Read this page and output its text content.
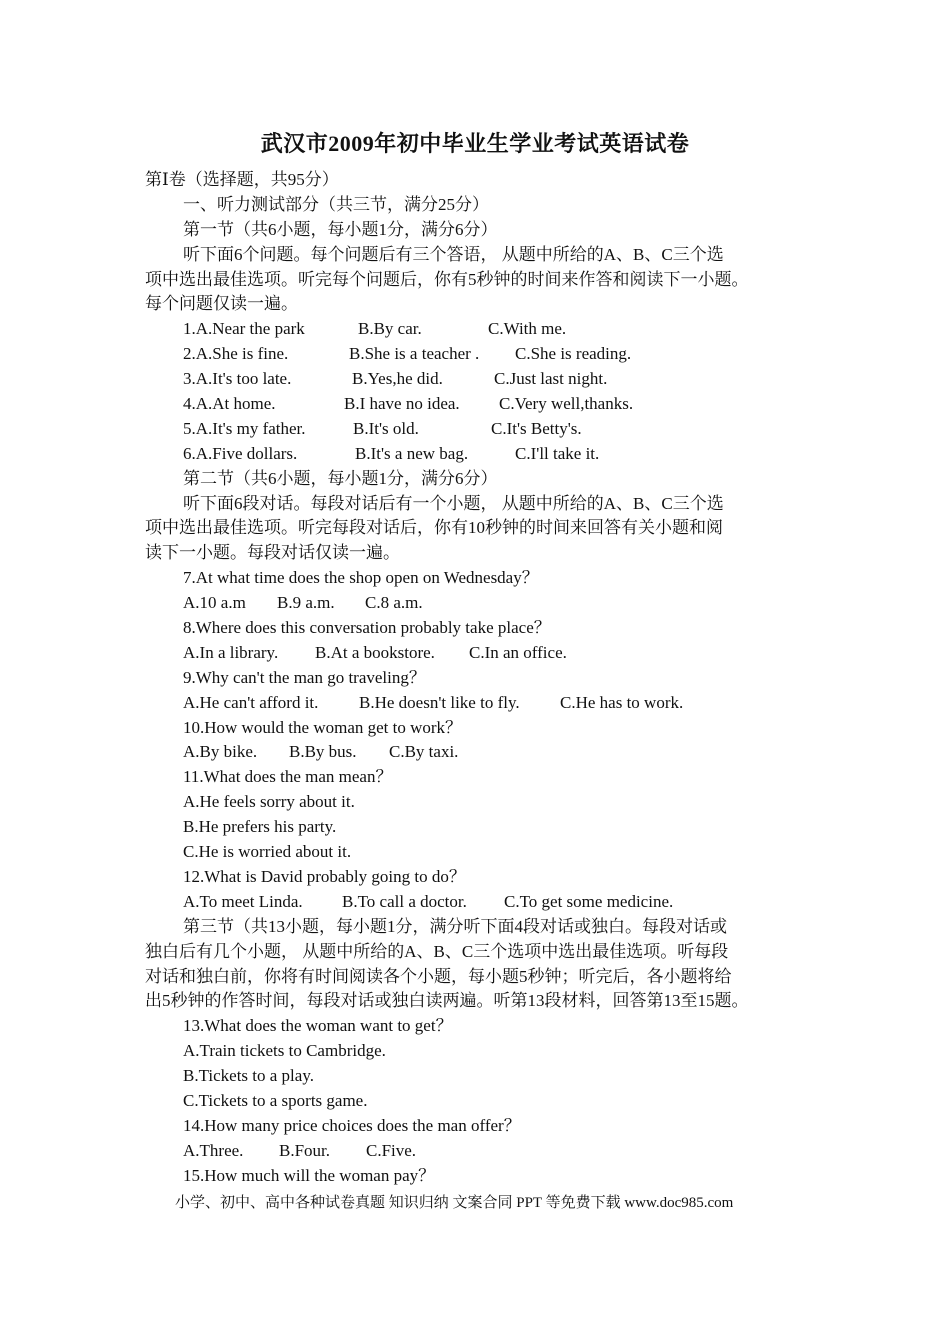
武汉市2009年初中毕业生学业考试英语试卷
第Ⅰ卷（选择题，共95分）
一、听力测试部分（共三节，满分25分）
第一节（共6小题，每小题1分，满分6分）
听下面6个问题。每个问题后有三个答语， 从题中所给的A、B、C三个选
项中选出最佳选项。听完每个问题后，你有5秒钟的时间来作答和阅读下一小题。
每个问题仅读一遍。
1.A.Near the park	B.By car.	C.With me.
2.A.She is fine.	B.She is a teacher . C.She is reading.
3.A.It's too late.	B.Yes,he did.	C.Just last night.
4.A.At home.	B.I have no idea. C.Very well,thanks.
5.A.It's my father.	B.It's old.	C.It's Betty's.
6.A.Five dollars.	B.It's a new bag.	C.I'll take it.
第二节（共6小题，每小题1分，满分6分）
听下面6段对话。每段对话后有一个小题， 从题中所给的A、B、C三个选
项中选出最佳选项。听完每段对话后，你有10秒钟的时间来回答有关小题和阅
读下一小题。每段对话仅读一遍。
7.At what time does the shop open on Wednesday？
A.10 a.m B.9 a.m. C.8 a.m.
8.Where does this conversation probably take place？
A.In a library. B.At a bookstore. C.In an office.
9.Why can't the man go traveling？
A.He can't afford it. B.He doesn't like to fly. C.He has to work.
10.How would the woman get to work？
A.By bike. B.By bus. C.By taxi.
11.What does the man mean？
A.He feels sorry about it.
B.He prefers his party.
C.He is worried about it.
12.What is David probably going to do？
A.To meet Linda. B.To call a doctor. C.To get some medicine.
第三节（共13小题，每小题1分，满分听下面4段对话或独白。每段对话或
独白后有几个小题， 从题中所给的A、B、C三个选项中选出最佳选项。听每段
对话和独白前，你将有时间阅读各个小题，每小题5秒钟；听完后，各小题将给
出5秒钟的作答时间，每段对话或独白读两遍。听第13段材料，回答第13至15题。
13.What does the woman want to get？
A.Train tickets to Cambridge.
B.Tickets to a play.
C.Tickets to a sports game.
14.How many price choices does the man offer？
A.Three. B.Four. C.Five.
15.How much will the woman pay？
小学、初中、高中各种试卷真题 知识归纳 文案合同 PPT 等免费下载 www.doc985.com
